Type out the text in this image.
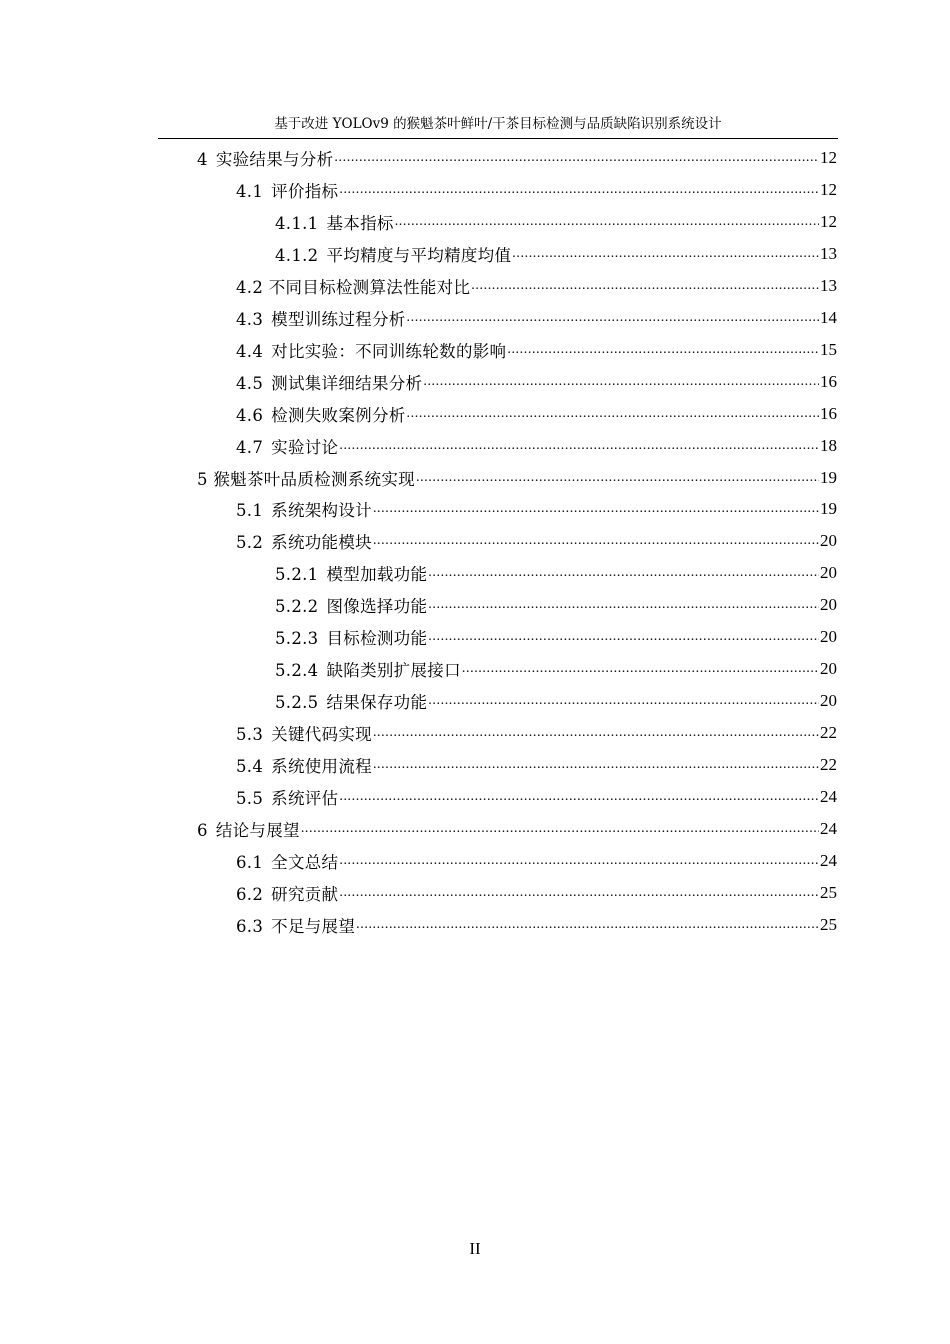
基于改进 YOLOv9 的猴魁茶叶鲜叶/干茶目标检测与品质缺陷识别系统设计
4 实验结果与分析 .....	12
4.1 评价指标 .....	12
4.1.1 基本指标 .....	12
4.1.2 平均精度与平均精度均值 .....	13
4.2 不同目标检测算法性能对比 .....	13
4.3 模型训练过程分析 .....	14
4.4 对比实验：不同训练轮数的影响 .....	15
4.5 测试集详细结果分析 .....	16
4.6 检测失败案例分析 .....	16
4.7 实验讨论 .....	18
5 猴魁茶叶品质检测系统实现 .....	19
5.1 系统架构设计 .....	19
5.2 系统功能模块 .....	20
5.2.1 模型加载功能 .....	20
5.2.2 图像选择功能 .....	20
5.2.3 目标检测功能 .....	20
5.2.4 缺陷类别扩展接口 .....	20
5.2.5 结果保存功能 .....	20
5.3 关键代码实现 .....	22
5.4 系统使用流程 .....	22
5.5 系统评估 .....	24
6 结论与展望 .....	24
6.1 全文总结 .....	24
6.2 研究贡献 .....	25
6.3 不足与展望 .....	25
II
